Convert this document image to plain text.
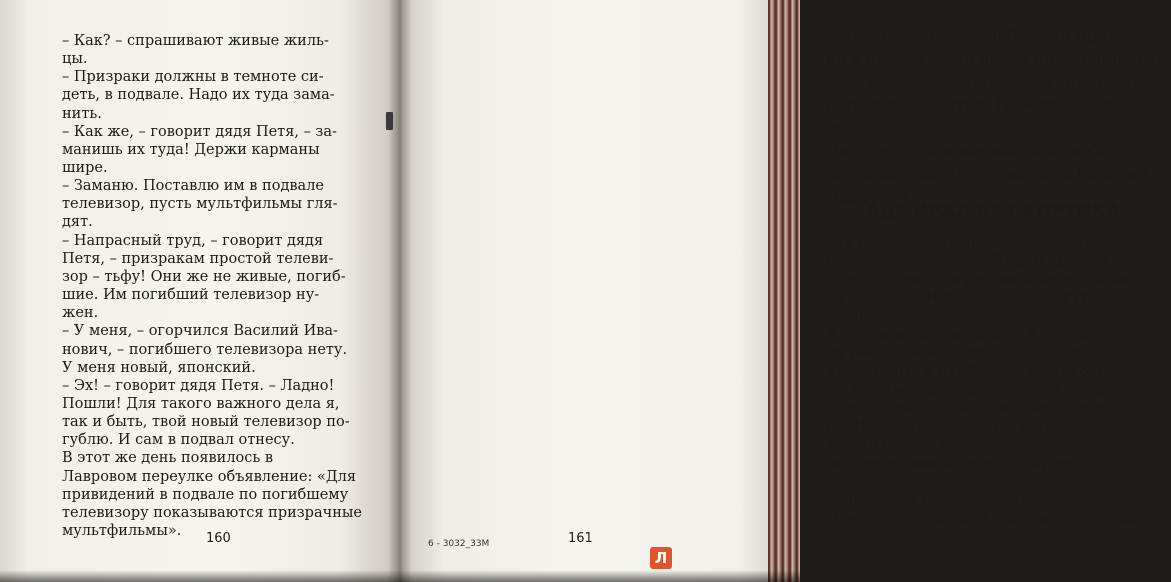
– Как? – спрашивают живые жиль-
цы.
– Призраки должны в темноте си-
деть, в подвале. Надо их туда замa-
нить.
– Как же, – говорит дядя Петя, – за-
манишь их туда! Держи карманы
шире.
– Заманю. Поставлю им в подвале
телевизор, пусть мультфильмы гля-
дят.
– Напрасный труд, – говорит дядя
Петя, – призракам простой телеви-
зор – тьфу! Они же не живые, погиб-
шие. Им погибший телевизор ну-
жен.
– У меня, – огорчился Василий Ива-
нович, – погибшего телевизора нету.
У меня новый, японский.
– Эх! – говорит дядя Петя. – Ладно!
Пошли! Для такого важного дела я,
так и быть, твой новый телевизор по-
гублю. И сам в подвал отнесу.
В этот же день появилось в
Лавровом переулке объявление: «Для
привидений в подвале по погибшему
телевизору показываются призрачные
мультфильмы». 160
Что тут началось! Побежали призра-
ки в подвал, сели перед поломанным те-
левизором, смотрят. Так и сидят с тех
пор круглые сутки. Наверх не выхо-
дят.
Наконец-то живые жильцы свобод-
но вздохнули. И глубже всех Василий
Иванович.
АДМИРАЛ БЕЗ КОРТИКА
Эту историю в Лавровом переулке
рассказывают сразу. В один присест.
То есть садятся и рассказывают с нача-
ла до конца. И пока не расскажут – не
встают.
А потом встают и уходят. А тот, ко-
му рассказывали, долго ещё сидит и
думает: «Ну и ну! Бывает же такое!»
Но на самом деле история эта случи-
лась не сразу. Она случилась постепен-
но. И сначала, когда эта история ещё
только начала случаться, никто и не
мог представить себе, что будет
дальше.
В Лавровом переулке жил мальчик
Лёня, и у этого Лёни был очень строгий
161
6 - 3032_33М
Л
